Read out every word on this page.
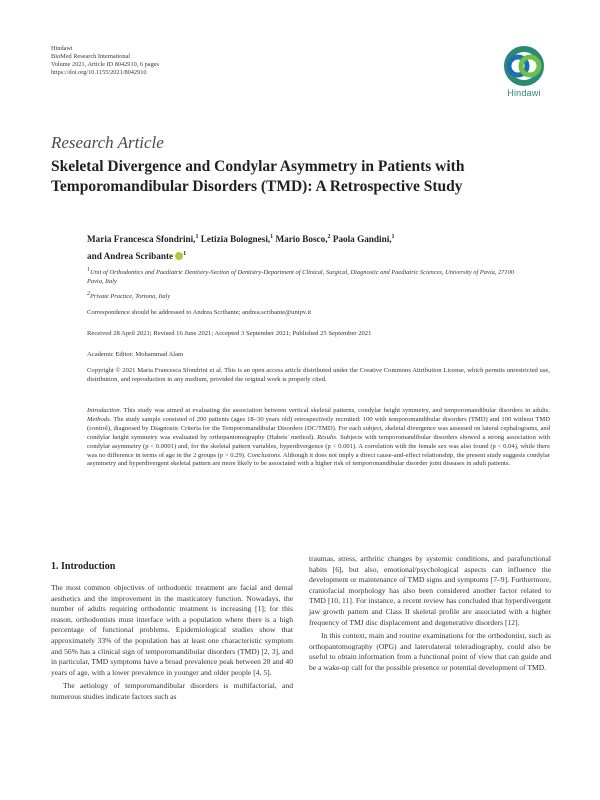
Hindawi
BioMed Research International
Volume 2021, Article ID 8042910, 6 pages
https://doi.org/10.1155/2021/8042910
Hindawi
Research Article
Skeletal Divergence and Condylar Asymmetry in Patients with Temporomandibular Disorders (TMD): A Retrospective Study
Maria Francesca Sfondrini,$^1$ Letizia Bolognesi,$^1$ Mario Bosco,$^2$ Paola Gandini,$^1$
and Andrea Scribante $^1$
$^1$Unit of Orthodontics and Paediatric Dentistry-Section of Dentistry-Department of Clinical, Surgical, Diagnostic and Paediatric Sciences, University of Pavia, 27100 Pavia, Italy
$^2$Private Practice, Tortona, Italy
Correspondence should be addressed to Andrea Scribante; andrea.scribante@unipv.it
Received 28 April 2021; Revised 16 June 2021; Accepted 3 September 2021; Published 25 September 2021
Academic Editor: Mohammad Alam
Copyright © 2021 Maria Francesca Sfondrini et al. This is an open access article distributed under the Creative Commons Attribution License, which permits unrestricted use, distribution, and reproduction in any medium, provided the original work is properly cited.
Introduction. This study was aimed at evaluating the association between vertical skeletal patterns, condylar height symmetry, and temporomandibular disorders in adults. Methods. The study sample consisted of 200 patients (ages 18–30 years old) retrospectively recruited: 100 with temporomandibular disorders (TMD) and 100 without TMD (control), diagnosed by Diagnostic Criteria for the Temporomandibular Disorders (DC/TMD). For each subject, skeletal divergence was assessed on lateral cephalograms, and condylar height symmetry was evaluated by orthopantomography (Habets' method). Results. Subjects with temporomandibular disorders showed a strong association with condylar asymmetry (p < 0.0001) and, for the skeletal pattern variables, hyperdivergence (p < 0.001). A correlation with the female sex was also found (p < 0.04), while there was no difference in terms of age in the 2 groups (p > 0.29). Conclusions. Although it does not imply a direct cause-and-effect relationship, the present study suggests condylar asymmetry and hyperdivergent skeletal pattern are more likely to be associated with a higher risk of temporomandibular disorder joint diseases in adult patients.
1. Introduction

The most common objectives of orthodontic treatment are facial and dental aesthetics and the improvement in the masticatory function. Nowadays, the number of adults requiring orthodontic treatment is increasing [1]; for this reason, orthodontists must interface with a population where there is a high percentage of functional problems. Epidemiological studies show that approximately 33% of the population has at least one characteristic symptom and 56% has a clinical sign of temporomandibular disorders (TMD) [2, 3], and in particular, TMD symptoms have a broad prevalence peak between 20 and 40 years of age, with a lower prevalence in younger and older people [4, 5].

The aetiology of temporomandibular disorders is multifactorial, and numerous studies indicate factors such as

traumas, stress, arthritic changes by systemic conditions, and parafunctional habits [6], but also, emotional/psychological aspects can influence the development or maintenance of TMD signs and symptoms [7–9]. Furthermore, craniofacial morphology has also been considered another factor related to TMD [10, 11]. For instance, a recent review has concluded that hyperdivergent jaw growth pattern and Class II skeletal profile are associated with a higher frequency of TMJ disc displacement and degenerative disorders [12].

In this context, main and routine examinations for the orthodontist, such as orthopantomography (OPG) and laterolateral teleradiography, could also be useful to obtain information from a functional point of view that can guide and be a wake-up call for the possible presence or potential development of TMD.
